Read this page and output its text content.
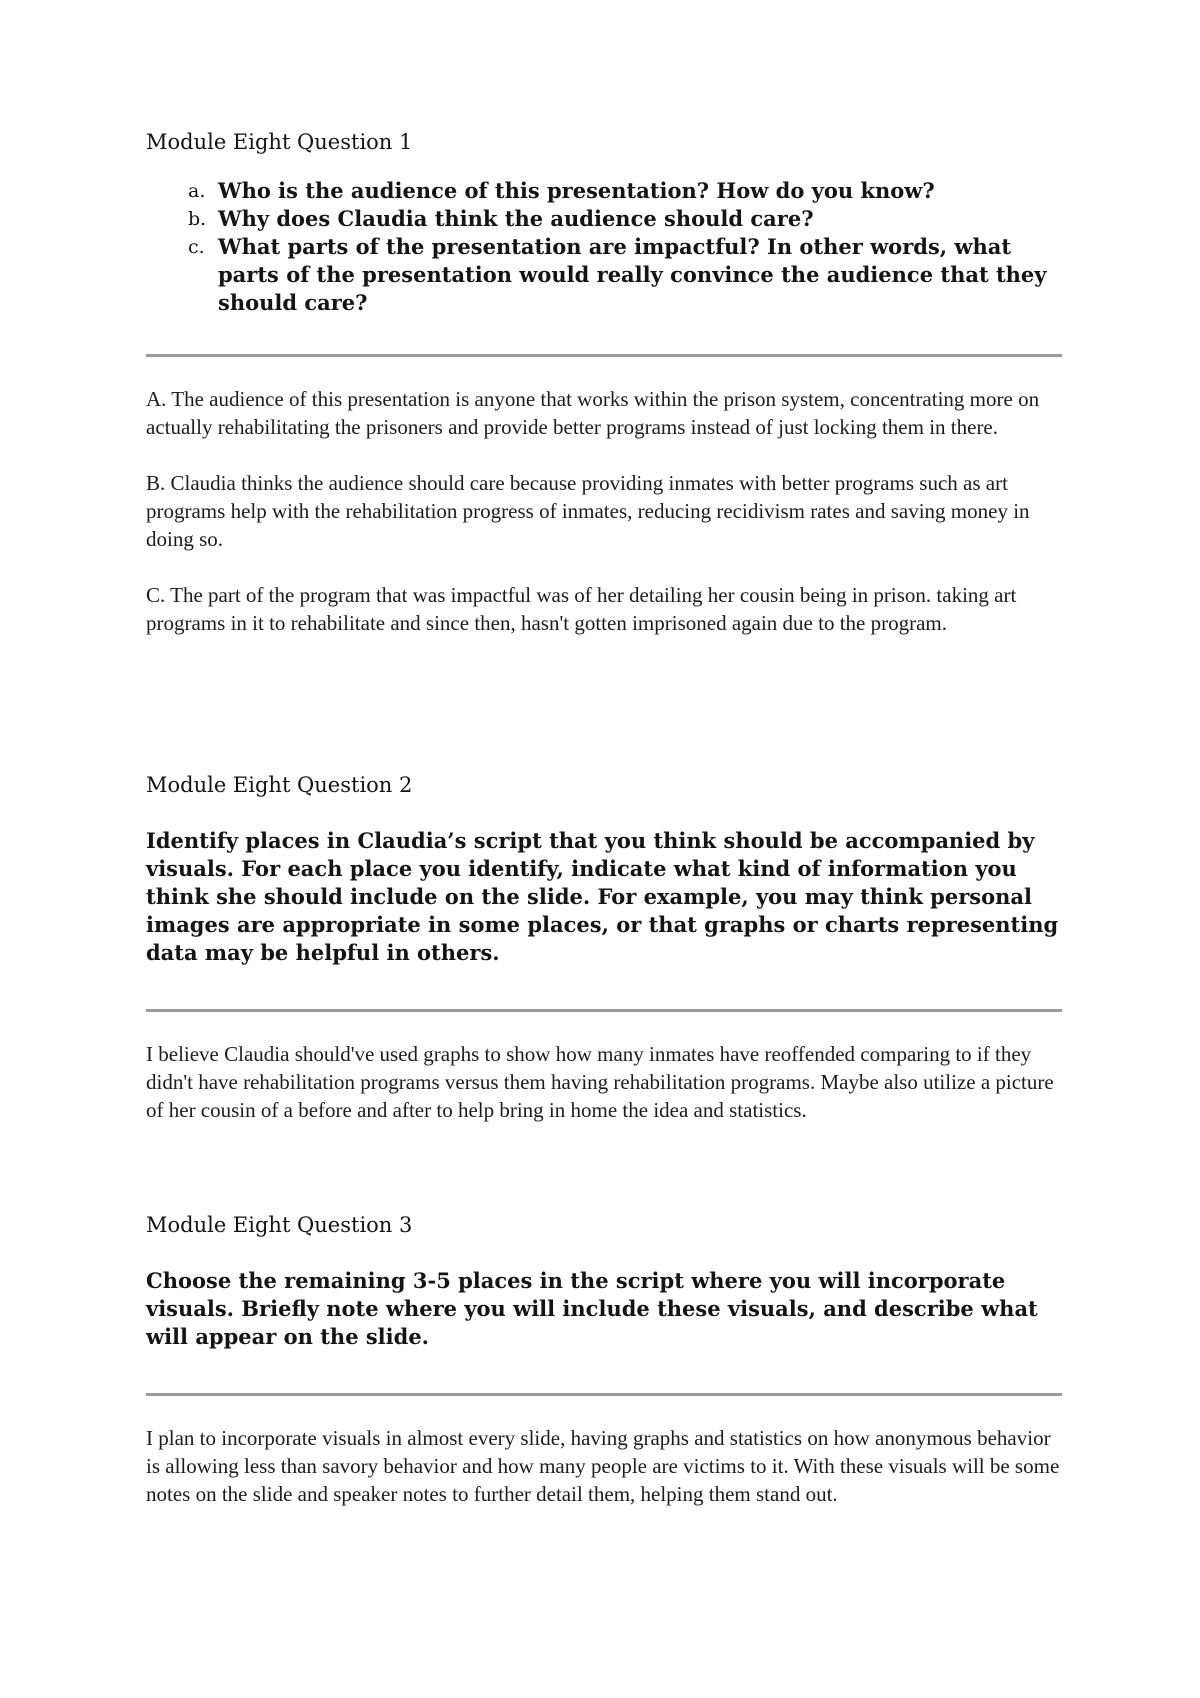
Module Eight Question 1

a. Who is the audience of this presentation? How do you know?
b. Why does Claudia think the audience should care?
c. What parts of the presentation are impactful? In other words, what parts of the presentation would really convince the audience that they should care?

A. The audience of this presentation is anyone that works within the prison system, concentrating more on actually rehabilitating the prisoners and provide better programs instead of just locking them in there.

B. Claudia thinks the audience should care because providing inmates with better programs such as art programs help with the rehabilitation progress of inmates, reducing recidivism rates and saving money in doing so.

C. The part of the program that was impactful was of her detailing her cousin being in prison. taking art programs in it to rehabilitate and since then, hasn't gotten imprisoned again due to the program.

Module Eight Question 2

Identify places in Claudia’s script that you think should be accompanied by visuals. For each place you identify, indicate what kind of information you think she should include on the slide. For example, you may think personal images are appropriate in some places, or that graphs or charts representing data may be helpful in others.

I believe Claudia should've used graphs to show how many inmates have reoffended comparing to if they didn't have rehabilitation programs versus them having rehabilitation programs. Maybe also utilize a picture of her cousin of a before and after to help bring in home the idea and statistics.

Module Eight Question 3

Choose the remaining 3-5 places in the script where you will incorporate visuals. Briefly note where you will include these visuals, and describe what will appear on the slide.

I plan to incorporate visuals in almost every slide, having graphs and statistics on how anonymous behavior is allowing less than savory behavior and how many people are victims to it. With these visuals will be some notes on the slide and speaker notes to further detail them, helping them stand out.
